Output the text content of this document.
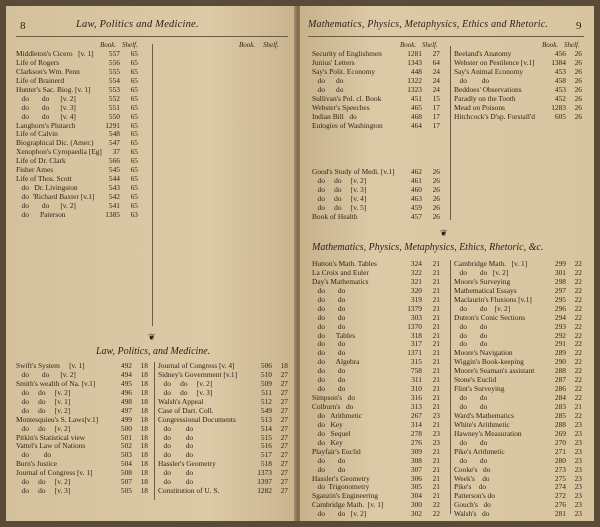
8	Law, Politics and Medicine.
Book. Shelf.	Book. Shelf.
Middleton's Cicero   [v. 1]	557	65
Life of Rogers	556	65
Clarkson's Wm. Penn	555	65
Life of Brainerd	554	65
Hunter's Sac. Biog. [v. 1]	553	65
do       do      [v. 2]	552	65
do       do      [v. 3]	551	65
do       do      [v. 4]	550	65
Langhorn's Plutarch	1291	65
Life of Calvin	548	65
Biographical Dic. (Amer.)	547	65
Xenophon's Cyropaedia [Eg]	37	65
Life of Dr. Clark	566	65
Fisher Ames	545	65
Life of Thos. Scott	544	65
do   Dr. Livingston	543	65
do  'Richard Baxter [v.1]	542	65
do       do      [v. 2]	541	65
do      Paterson	1385	63
❦
Law, Politics, and Medicine.
Swift's System     [v. 1]	492	18
do       do      [v. 2]	494	18
Smith's wealth of Na. [v.1]	495	18
do     do     [v. 2]	496	18
do     do     [v. 1]	498	18
do     do     [v. 2]	497	18
Montesquieu's S. Laws[v.1]	499	18
do     do     [v. 2]	500	18
Pitkin's Statistical view	501	18
Vattel's Law of Nations	502	18
do        do	503	18
Burn's Justice	504	18
Journal of Congress [v. 1]	508	18
do     do     [v. 2]	507	18
do     do     [v. 3]	505	18
Journal of Congress [v. 4]	506	18
Sidney's Government [v.1]	510	27
do     do     [v. 2]	509	27
do     do     [v. 3]	511	27
Walsh's Appeal	512	27
Case of Dart. Coll.	549	27
Congressional Documents	513	27
do        do	514	27
do        do	515	27
do        do	516	27
do        do	517	27
Hassler's Geometry	518	27
do        do	1373	27
do        do	1397	27
Constitution of U. S.	1282	27
Mathematics, Physics, Metaphysics, Ethics and Rhetoric.	9
Book. Shelf.	Book. Shelf.
Security of Englishmen	1281	27
Junius' Letters	1343	64
Say's Polit. Economy	448	24
do      do	1322	24
do      do	1323	24
Sullivan's Pol. cl. Book	451	15
Webster's Speeches	465	17
Indian Bill   do	468	17
Eulogies of Washington	464	17
Good's Study of Medi. [v.1]	462	26
do     do     [v. 2]	461	26
do     do     [v. 3]	460	26
do     do     [v. 4]	463	26
do     do     [v. 5]	459	26
Book of Health	457	26
Beeland's Anatomy	456	26
Webster on Pestilence [v.1]	1384	26
Say's Animal Economy	453	26
do        do	458	26
Beddoes' Observations	453	26
Paradly on the Tooth	452	26
Mead on Poisons	1283	26
Hitchcock's D'sp. Forstall'd	605	26
❦
Mathematics, Physics, Metaphysics, Ethics, Rhetoric, &c.
Hutton's Math. Tables	324	21
La Croix and Euler	322	21
Day's Mathematics	321	21
do       do	320	21
do       do	319	21
do       do	1379	21
do       do	303	21
do       do	1370	21
do      Tables	318	21
do       do	317	21
do       do	1371	21
do      Algebra	315	21
do       do	758	21
do       do	311	21
do       do	310	21
Simpson's   do	316	21
Colburn's   do	313	21
do   Arithmetic	267	23
do   Key	314	21
do   Sequel	278	23
do   Key	276	23
Playfair's Euclid	309	21
do       do	308	21
do       do	307	21
Hassler's Geometry	306	21
do  Trigonometry	305	21
Sganzin's Engineering	304	21
Cambridge Math.  [v. 1]	300	22
do       do   [v. 2]	302	22
Cambridge Math.   [v. 1]	299	22
do       do   [v. 2]	301	22
Moore's Surveying	298	22
Mathematical Essays	297	22
Maclaurin's Fluxions [v.1]	295	22
do       do    [v. 2]	296	22
Dutton's Conic Sections	294	22
do       do	293	22
do       do	292	22
do       do	291	22
Moore's Navigation	289	22
Wiggin's Book-keeping	290	22
Moore's Seaman's assistant	288	22
Stone's Euclid	287	22
Flint's Surveying	286	22
do       do	284	22
do       do	283	21
Ward's Mathematics	285	22
White's Arithmetic	288	23
Hawney's Measuration	269	23
do       do	270	23
Pike's Arithmetic	271	23
do       do	280	23
Cooke's   do	273	23
Week's    do	275	23
Pike's    do	274	23
Patterson's do	272	23
Gouch's   do	276	23
Walsh's   do	281	23
